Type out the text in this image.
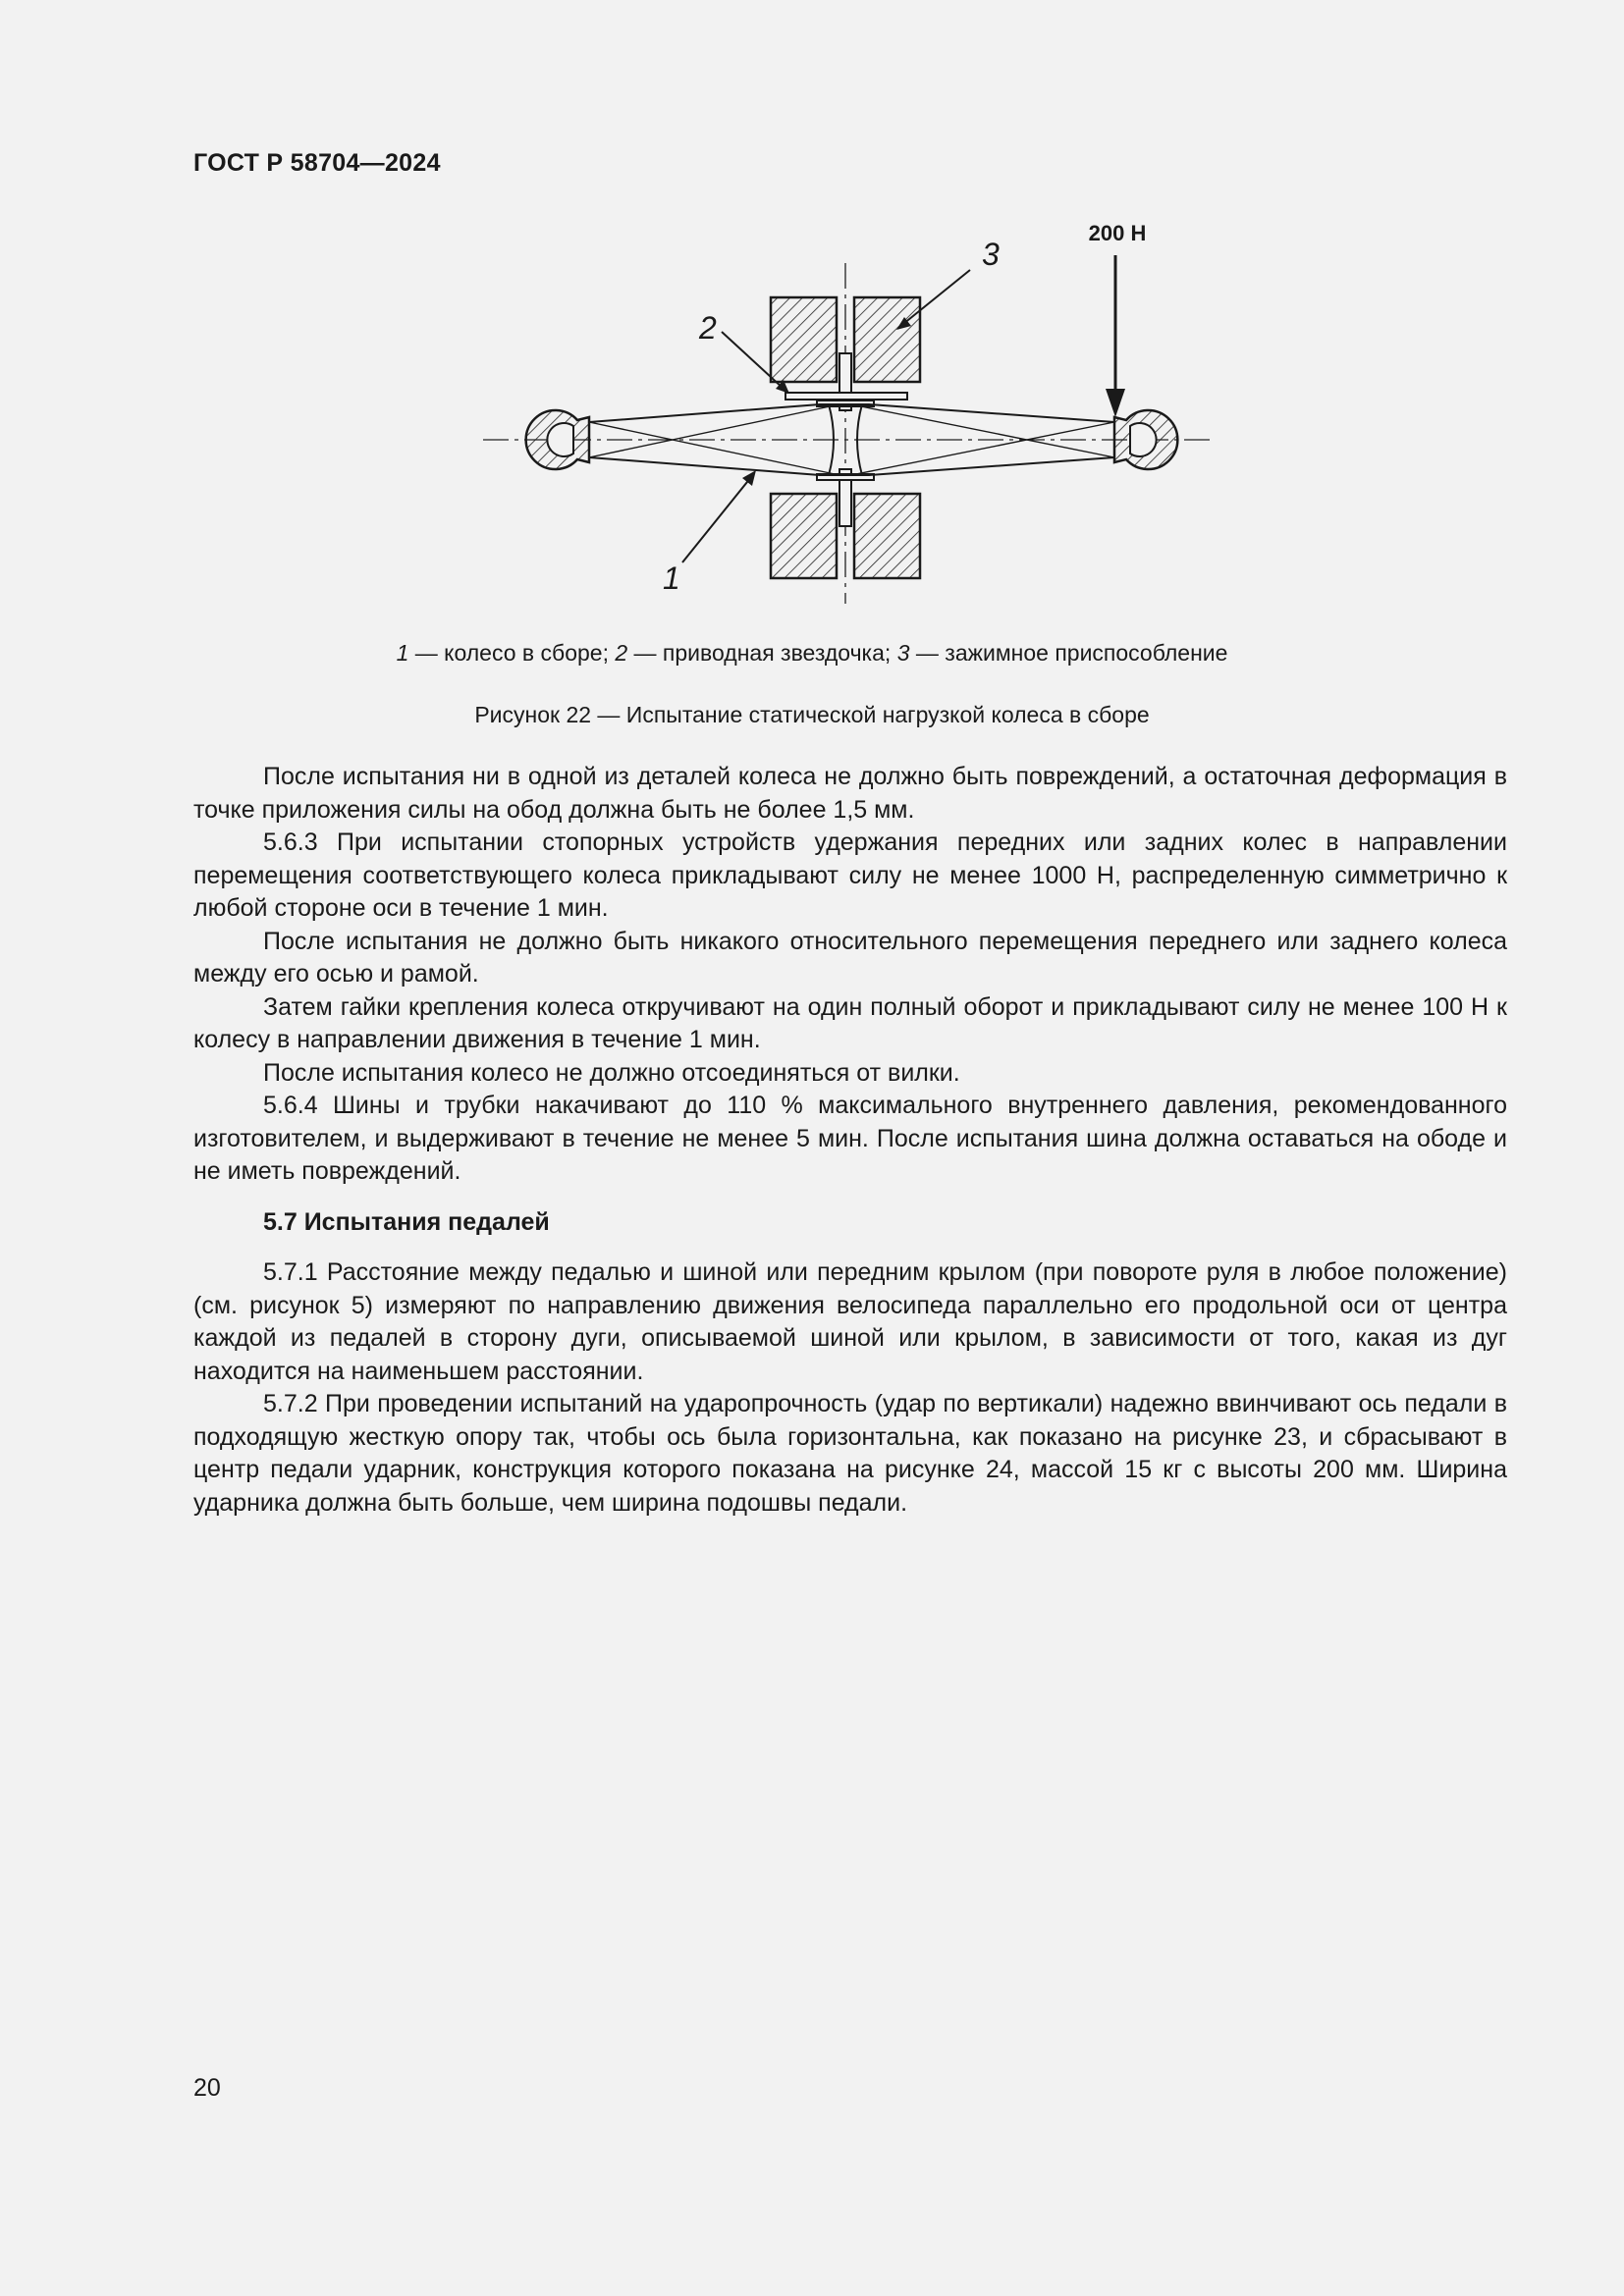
ГОСТ Р 58704—2024
200 Н
3
2
1
1 — колесо в сборе; 2 — приводная звездочка; 3 — зажимное приспособление
Рисунок 22 — Испытание статической нагрузкой колеса в сборе

После испытания ни в одной из деталей колеса не должно быть повреждений, а остаточная деформация в точке приложения силы на обод должна быть не более 1,5 мм.

5.6.3 При испытании стопорных устройств удержания передних или задних колес в направлении перемещения соответствующего колеса прикладывают силу не менее 1000 Н, распределенную симметрично к любой стороне оси в течение 1 мин.

После испытания не должно быть никакого относительного перемещения переднего или заднего колеса между его осью и рамой.

Затем гайки крепления колеса откручивают на один полный оборот и прикладывают силу не менее 100 Н к колесу в направлении движения в течение 1 мин.

После испытания колесо не должно отсоединяться от вилки.

5.6.4 Шины и трубки накачивают до 110 % максимального внутреннего давления, рекомендованного изготовителем, и выдерживают в течение не менее 5 мин. После испытания шина должна оставаться на ободе и не иметь повреждений.

5.7 Испытания педалей

5.7.1 Расстояние между педалью и шиной или передним крылом (при повороте руля в любое положение) (см. рисунок 5) измеряют по направлению движения велосипеда параллельно его продольной оси от центра каждой из педалей в сторону дуги, описываемой шиной или крылом, в зависимости от того, какая из дуг находится на наименьшем расстоянии.

5.7.2 При проведении испытаний на ударопрочность (удар по вертикали) надежно ввинчивают ось педали в подходящую жесткую опору так, чтобы ось была горизонтальна, как показано на рисунке 23, и сбрасывают в центр педали ударник, конструкция которого показана на рисунке 24, массой 15 кг с высоты 200 мм. Ширина ударника должна быть больше, чем ширина подошвы педали.

20
